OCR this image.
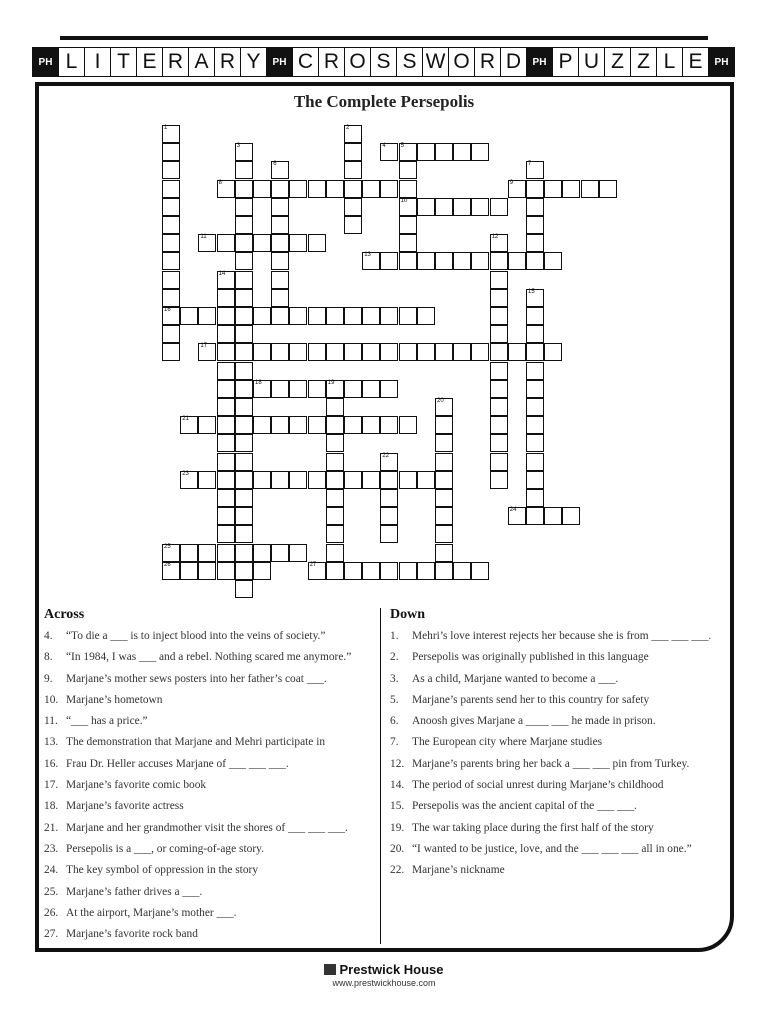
PH L I T E R A R Y	PH C R O S S W O R D	PH P U Z Z L E	PH
The Complete Persepolis
1
16
2
3	4 5
10
6	7
8	9
11	12
13
14
15
17
18	19
20
21
22
23
24
25
26	27
Across
4. “To die a ___ is to inject blood into the veins of society.”
8. “In 1984, I was ___ and a rebel. Nothing scared me anymore.”
9. Marjane’s mother sews posters into her father’s coat ___.
10. Marjane’s hometown
11. “___ has a price.”
13. The demonstration that Marjane and Mehri participate in
16. Frau Dr. Heller accuses Marjane of ___ ___ ___.
17. Marjane’s favorite comic book
18. Marjane’s favorite actress
21. Marjane and her grandmother visit the shores of ___ ___ ___.
23. Persepolis is a ___, or coming-of-age story.
24. The key symbol of oppression in the story
25. Marjane’s father drives a ___.
26. At the airport, Marjane’s mother ___.
27. Marjane’s favorite rock band
Down
1. Mehri’s love interest rejects her because she is from ___ ___ ___.
2. Persepolis was originally published in this language
3. As a child, Marjane wanted to become a ___.
5. Marjane’s parents send her to this country for safety
6. Anoosh gives Marjane a ____ ___ he made in prison.
7. The European city where Marjane studies
12. Marjane’s parents bring her back a ___ ___ pin from Turkey.
14. The period of social unrest during Marjane’s childhood
15. Persepolis was the ancient capital of the ___ ___.
19. The war taking place during the first half of the story
20. “I wanted to be justice, love, and the ___ ___ ___ all in one.”
22. Marjane’s nickname
Prestwick House
www.prestwickhouse.com
